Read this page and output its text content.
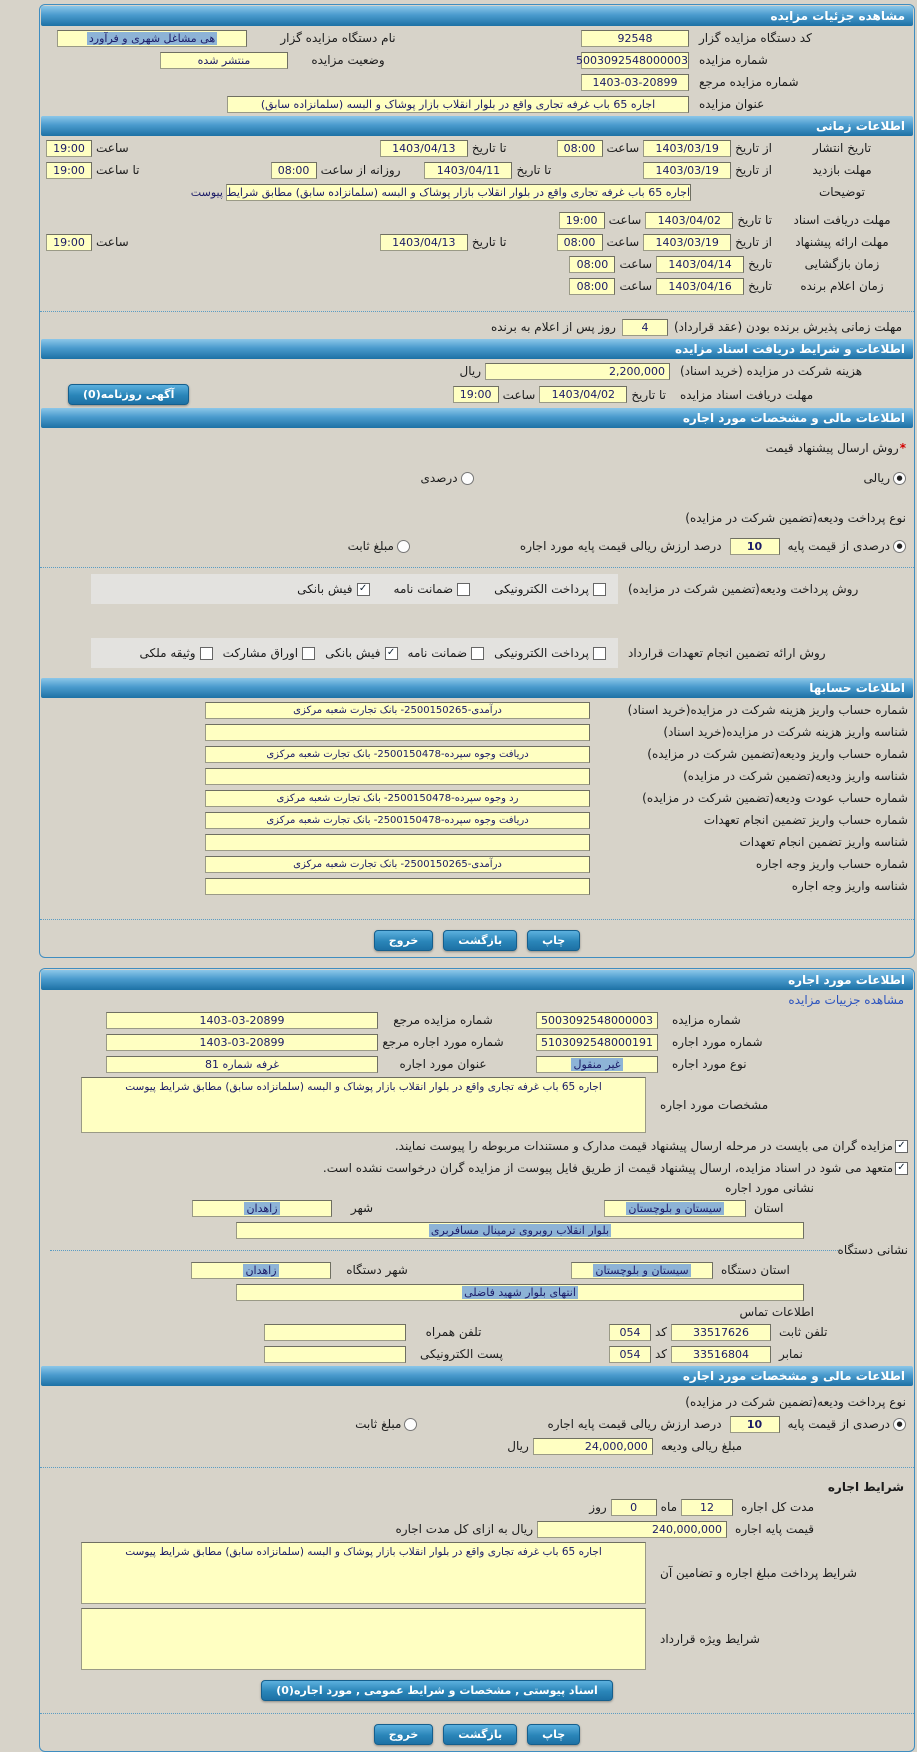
مشاهده جزئیات مزایده
کد دستگاه مزایده گزار
92548
نام دستگاه مزایده گزار
هی مشاغل شهری و فرآورد
شماره مزایده
5003092548000003
وضعیت مزایده
منتشر شده
شماره مزایده مرجع
1403-03-20899
عنوان مزایده
اجاره 65 باب غرفه تجاری واقع در بلوار انقلاب بازار پوشاک و البسه (سلمانزاده سابق)
اطلاعات زمانی
تاریخ انتشار
از تاریخ
1403/03/19
ساعت
08:00
تا تاریخ
1403/04/13
ساعت
19:00
مهلت بازدید
از تاریخ
1403/03/19
تا تاریخ
1403/04/11
روزانه از ساعت
08:00
تا ساعت
19:00
توضیحات
اجاره 65 باب غرفه تجاری واقع در بلوار انقلاب بازار پوشاک و البسه (سلمانزاده سابق) مطابق شرایط پیوست
مهلت دریافت اسناد
تا تاریخ
1403/04/02
ساعت
19:00
مهلت ارائه پیشنهاد
از تاریخ
1403/03/19
ساعت
08:00
تا تاریخ
1403/04/13
ساعت
19:00
زمان بازگشایی
تاریخ
1403/04/14
ساعت
08:00
زمان اعلام برنده
تاریخ
1403/04/16
ساعت
08:00
مهلت زمانی پذیرش برنده بودن (عقد قرارداد)
4
روز پس از اعلام به برنده
اطلاعات و شرایط دریافت اسناد مزایده
هزینه شرکت در مزایده (خرید اسناد)
2,200,000
ریال
مهلت دریافت اسناد مزایده
تا تاریخ
1403/04/02
ساعت
19:00
آگهی روزنامه(0)
اطلاعات مالی و مشخصات مورد اجاره
*
روش ارسال پیشنهاد قیمت
●
ریالی
درصدی
نوع پرداخت ودیعه(تضمین شرکت در مزایده)
●
درصدی از قیمت پایه
10
درصد ارزش ریالی قیمت پایه مورد اجاره
مبلغ ثابت
روش پرداخت ودیعه(تضمین شرکت در مزایده)
پرداخت الکترونیکی
ضمانت نامه
✓
فیش بانکی
روش ارائه تضمین انجام تعهدات قرارداد
پرداخت الکترونیکی
ضمانت نامه
✓
فیش بانکی
اوراق مشارکت
وثیقه ملکی
اطلاعات حسابها
شماره حساب واریز هزینه شرکت در مزایده(خرید اسناد)
درآمدی-2500150265- بانک تجارت شعبه مرکزی
شناسه واریز هزینه شرکت در مزایده(خرید اسناد)
شماره حساب واریز ودیعه(تضمین شرکت در مزایده)
دریافت وجوه سپرده-2500150478- بانک تجارت شعبه مرکزی
شناسه واریز ودیعه(تضمین شرکت در مزایده)
شماره حساب عودت ودیعه(تضمین شرکت در مزایده)
رد وجوه سپرده-2500150478- بانک تجارت شعبه مرکزی
شماره حساب واریز تضمین انجام تعهدات
دریافت وجوه سپرده-2500150478- بانک تجارت شعبه مرکزی
شناسه واریز تضمین انجام تعهدات
شماره حساب واریز وجه اجاره
درآمدی-2500150265- بانک تجارت شعبه مرکزی
شناسه واریز وجه اجاره
چاپ
بازگشت
خروج
اطلاعات مورد اجاره
مشاهده جزییات مزایده
شماره مزایده
5003092548000003
شماره مزایده مرجع
1403-03-20899
شماره مورد اجاره
5103092548000191
شماره مورد اجاره مرجع
1403-03-20899
نوع مورد اجاره
غیر منقول
عنوان مورد اجاره
غرفه شماره 81
مشخصات مورد اجاره
اجاره 65 باب غرفه تجاری واقع در بلوار انقلاب بازار پوشاک و البسه (سلمانزاده سابق) مطابق شرایط پیوست
✓
مزایده گران می بایست در مرحله ارسال پیشنهاد قیمت مدارک و مستندات مربوطه را پیوست نمایند.
✓
متعهد می شود در اسناد مزایده، ارسال پیشنهاد قیمت از طریق فایل پیوست از مزایده گران درخواست نشده است.
نشانی مورد اجاره
استان
سیستان و بلوچستان
شهر
زاهدان
بلوار انقلاب روبروی ترمینال مسافربری
نشانی دستگاه
استان دستگاه
سیستان و بلوچستان
شهر دستگاه
زاهدان
انتهای بلوار شهید فاضلی
اطلاعات تماس
تلفن ثابت
33517626
کد
054
تلفن همراه
نمابر
33516804
کد
054
پست الکترونیکی
اطلاعات مالی و مشخصات مورد اجاره
نوع پرداخت ودیعه(تضمین شرکت در مزایده)
●
درصدی از قیمت پایه
10
درصد ارزش ریالی قیمت پایه اجاره
مبلغ ثابت
مبلغ ریالی ودیعه
24,000,000
ریال
شرایط اجاره
مدت کل اجاره
12
ماه
0
روز
قیمت پایه اجاره
240,000,000
ریال به ازای کل مدت اجاره
شرایط پرداخت مبلغ اجاره و تضامین آن
اجاره 65 باب غرفه تجاری واقع در بلوار انقلاب بازار پوشاک و البسه (سلمانزاده سابق) مطابق شرایط پیوست
شرایط ویژه قرارداد
اسناد پیوستی , مشخصات و شرایط عمومی , مورد اجاره(0)
چاپ
بازگشت
خروج
